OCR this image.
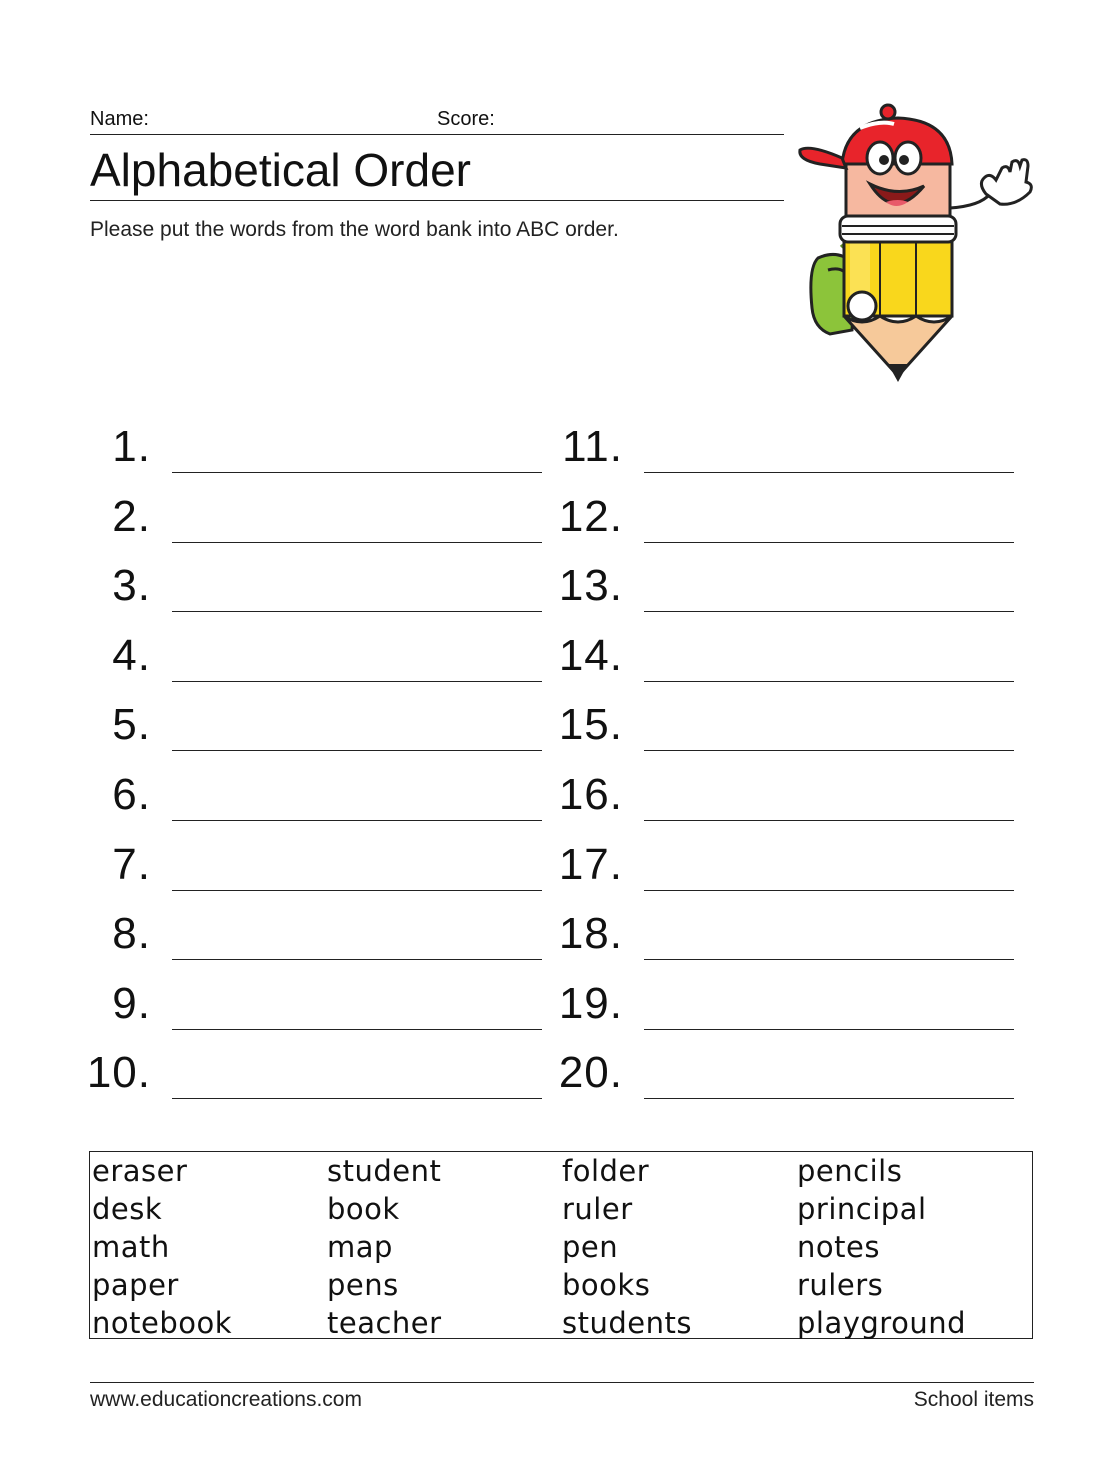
Name:	Score:
Alphabetical Order
Please put the words from the word bank into ABC order.
1.
2.
3.
4.
5.
6.
7.
8.
9.
10.
11.
12.
13.
14.
15.
16.
17.
18.
19.
20.
eraser
desk
math
paper
notebook
student
book
map
pens
teacher
folder
ruler
pen
books
students
pencils
principal
notes
rulers
playground
www.educationcreations.com	School items
